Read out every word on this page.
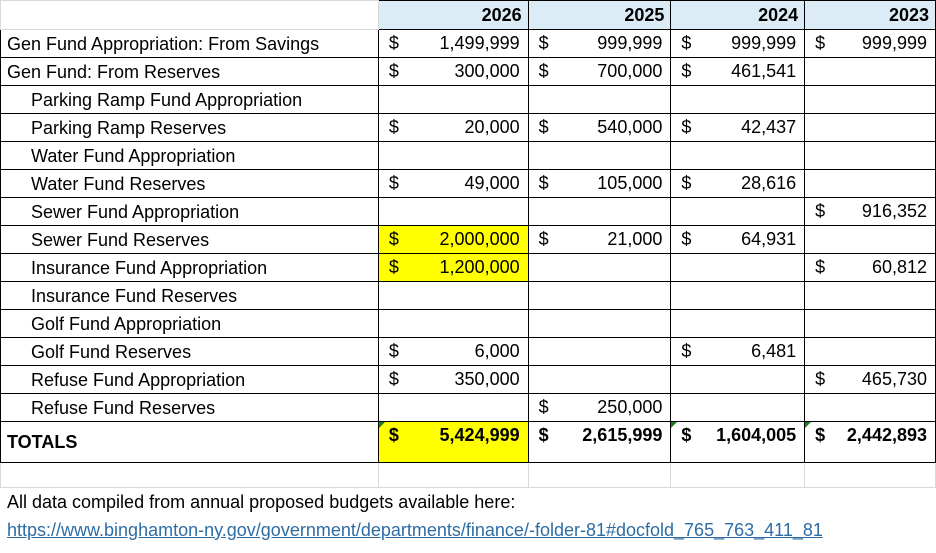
	2026	2025	2024	2023
Gen Fund Appropriation: From Savings	$ 1,499,999	$ 999,999	$ 999,999	$ 999,999

Gen Fund: From Reserves	$ 300,000	$ 700,000	$ 461,541	

Parking Ramp Fund Appropriation				
Parking Ramp Reserves	$ 20,000	$ 540,000	$ 42,437	

Water Fund Appropriation				
Water Fund Reserves	$ 49,000	$ 105,000	$ 28,616	

Sewer Fund Appropriation				$ 916,352

Sewer Fund Reserves	$ 2,000,000	$ 21,000	$ 64,931	

Insurance Fund Appropriation	$ 1,200,000			$ 60,812

Insurance Fund Reserves				
Golf Fund Appropriation				
Golf Fund Reserves	$ 6,000		$ 6,481	

Refuse Fund Appropriation	$ 350,000			$ 465,730

Refuse Fund Reserves		$ 250,000		

TOTALS	$ 5,424,999	$ 2,615,999	$ 1,604,005	$ 2,442,893

All data compiled from annual proposed budgets available here:				
https://www.binghamton-ny.gov/government/departments/finance/-folder-81#docfold_765_763_411_81				
